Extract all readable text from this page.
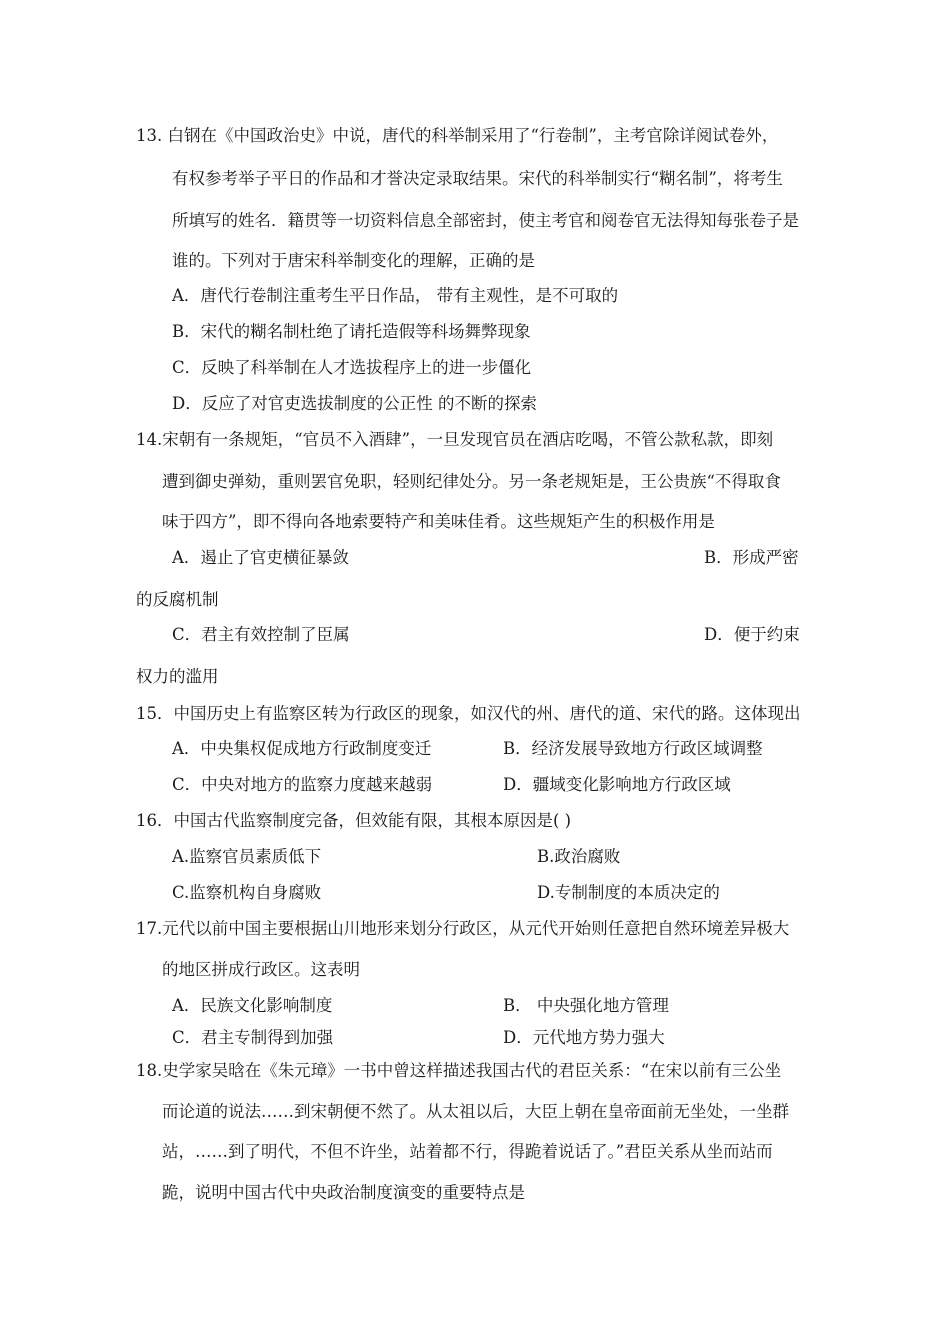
13. 白钢在《中国政治史》中说，唐代的科举制采用了“行卷制”，主考官除详阅试卷外，
有权参考举子平日的作品和才誉决定录取结果。宋代的科举制实行“糊名制”，将考生
所填写的姓名．籍贯等一切资料信息全部密封，使主考官和阅卷官无法得知每张卷子是
谁的。下列对于唐宋科举制变化的理解，正确的是
A．唐代行卷制注重考生平日作品， 带有主观性，是不可取的
B．宋代的糊名制杜绝了请托造假等科场舞弊现象
C．反映了科举制在人才选拔程序上的进一步僵化
D．反应了对官吏选拔制度的公正性 的不断的探索
14.宋朝有一条规矩，“官员不入酒肆”，一旦发现官员在酒店吃喝，不管公款私款，即刻
遭到御史弹劾，重则罢官免职，轻则纪律处分。另一条老规矩是，王公贵族“不得取食
味于四方”，即不得向各地索要特产和美味佳肴。这些规矩产生的积极作用是
A．遏止了官吏横征暴敛	B．形成严密
的反腐机制
C．君主有效控制了臣属	D．便于约束
权力的滥用
15．中国历史上有监察区转为行政区的现象，如汉代的州、唐代的道、宋代的路。这体现出
A．中央集权促成地方行政制度变迁	B．经济发展导致地方行政区域调整
C．中央对地方的监察力度越来越弱	D．疆域变化影响地方行政区域
16．中国古代监察制度完备，但效能有限，其根本原因是( )
A.监察官员素质低下	B.政治腐败
C.监察机构自身腐败	D.专制制度的本质决定的
17.元代以前中国主要根据山川地形来划分行政区，从元代开始则任意把自然环境差异极大
的地区拼成行政区。这表明
A．民族文化影响制度	B． 中央强化地方管理
C．君主专制得到加强	D．元代地方势力强大
18.史学家吴晗在《朱元璋》一书中曾这样描述我国古代的君臣关系：“在宋以前有三公坐
而论道的说法……到宋朝便不然了。从太祖以后，大臣上朝在皇帝面前无坐处，一坐群
站，……到了明代，不但不许坐，站着都不行，得跪着说话了。”君臣关系从坐而站而
跪，说明中国古代中央政治制度演变的重要特点是
